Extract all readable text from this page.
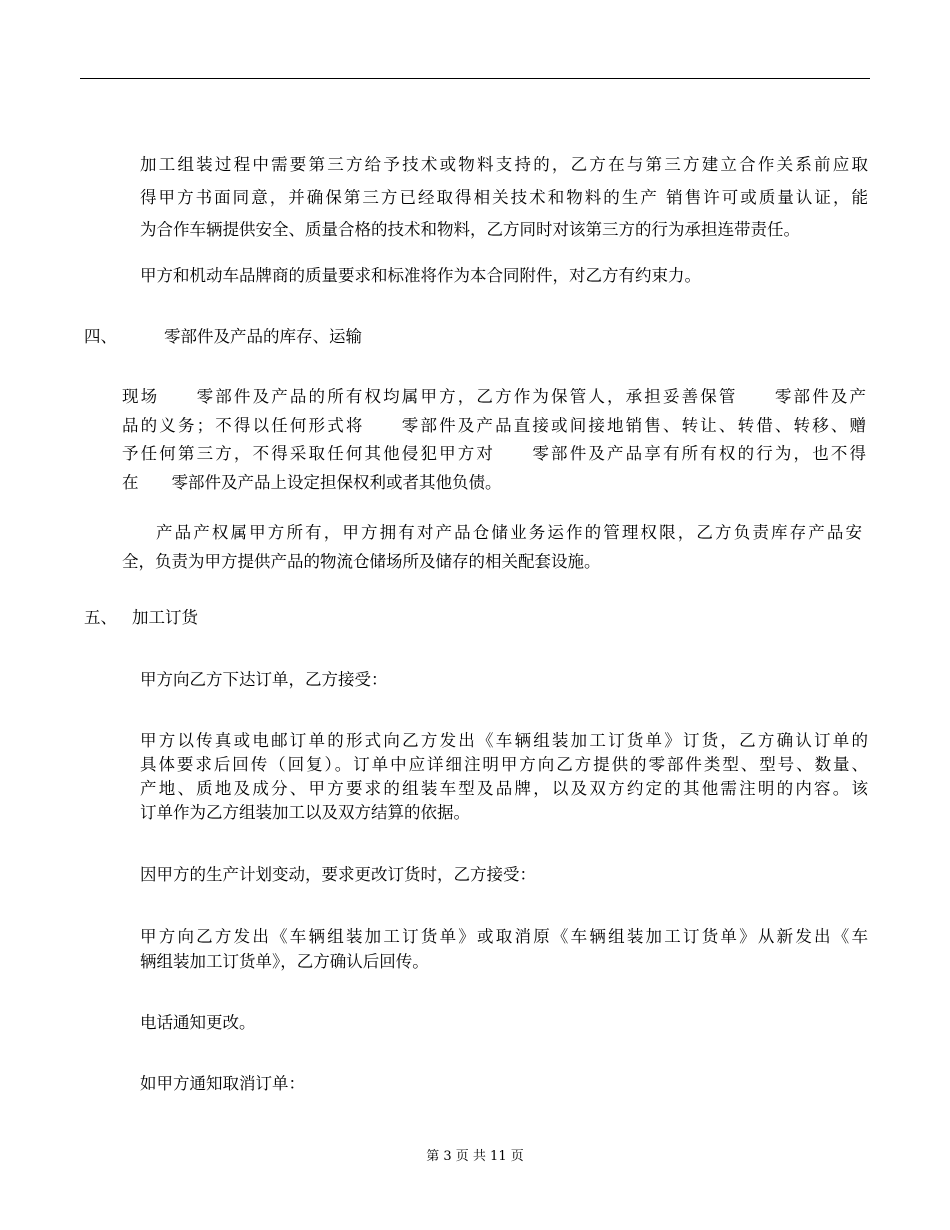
加工组装过程中需要第三方给予技术或物料支持的，乙方在与第三方建立合作关系前应取
得甲方书面同意，并确保第三方已经取得相关技术和物料的生产 销售许可或质量认证，能
为合作车辆提供安全、质量合格的技术和物料，乙方同时对该第三方的行为承担连带责任。
甲方和机动车品牌商的质量要求和标准将作为本合同附件，对乙方有约束力。
四、	零部件及产品的库存、运输
现场　　零部件及产品的所有权均属甲方，乙方作为保管人，承担妥善保管　　零部件及产
品的义务；不得以任何形式将　　零部件及产品直接或间接地销售、转让、转借、转移、赠
予任何第三方，不得采取任何其他侵犯甲方对　　零部件及产品享有所有权的行为，也不得
在　　零部件及产品上设定担保权利或者其他负债。
产品产权属甲方所有，甲方拥有对产品仓储业务运作的管理权限，乙方负责库存产品安
全，负责为甲方提供产品的物流仓储场所及储存的相关配套设施。
五、 加工订货
甲方向乙方下达订单，乙方接受：
甲方以传真或电邮订单的形式向乙方发出《车辆组装加工订货单》订货，乙方确认订单的
具体要求后回传（回复）。订单中应详细注明甲方向乙方提供的零部件类型、型号、数量、
产地、质地及成分、甲方要求的组装车型及品牌，以及双方约定的其他需注明的内容。该
订单作为乙方组装加工以及双方结算的依据。
因甲方的生产计划变动，要求更改订货时，乙方接受：
甲方向乙方发出《车辆组装加工订货单》或取消原《车辆组装加工订货单》从新发出《车
辆组装加工订货单》，乙方确认后回传。
电话通知更改。
如甲方通知取消订单：
第 3 页 共 11 页
